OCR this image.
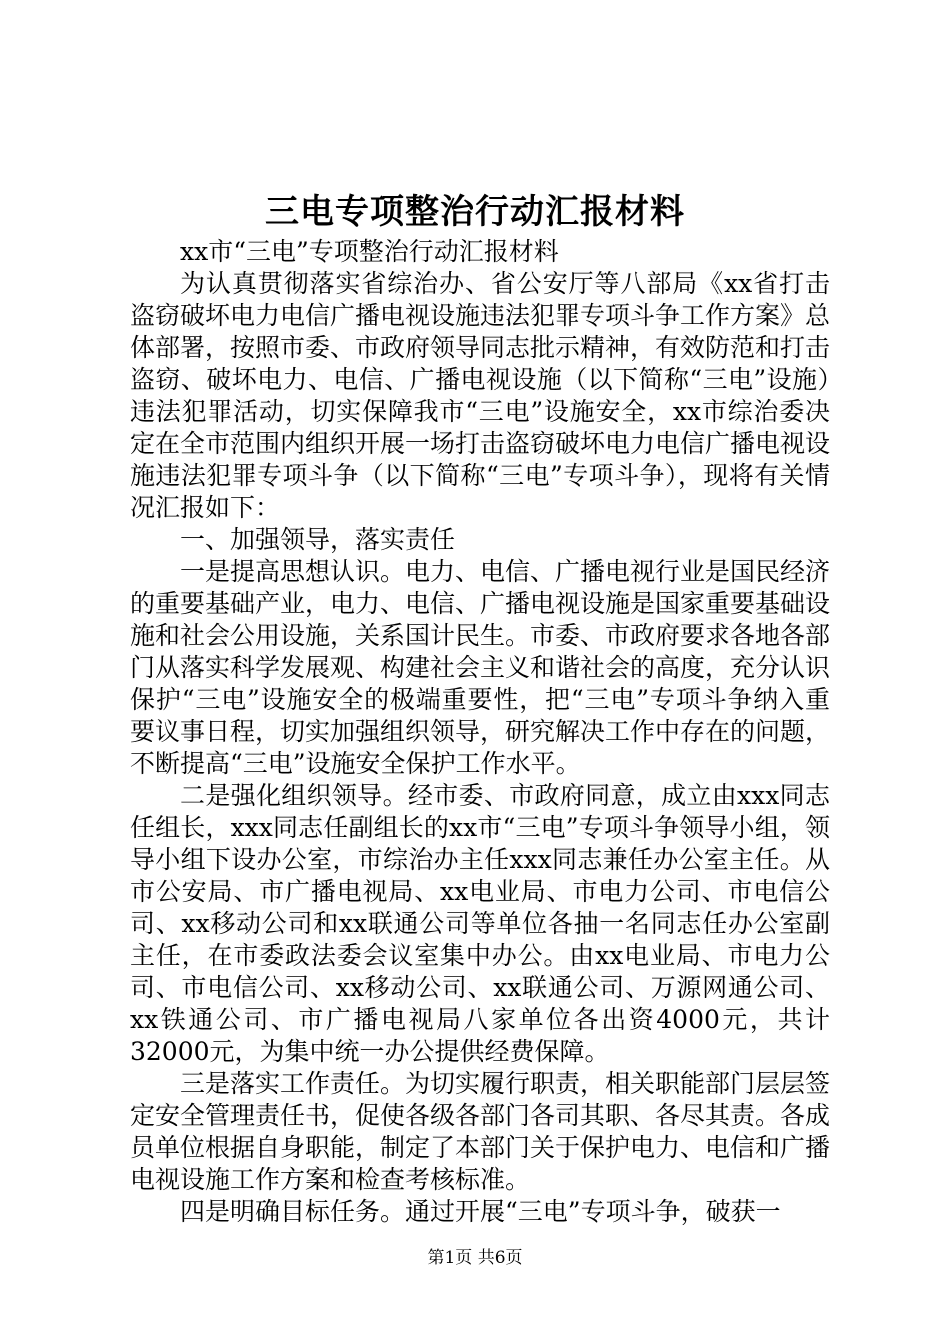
三电专项整治行动汇报材料

xx市“三电”专项整治行动汇报材料

为认真贯彻落实省综治办、省公安厅等八部局《xx省打击盗窃破坏电力电信广播电视设施违法犯罪专项斗争工作方案》总体部署，按照市委、市政府领导同志批示精神，有效防范和打击盗窃、破坏电力、电信、广播电视设施（以下简称“三电”设施）违法犯罪活动，切实保障我市“三电”设施安全，xx市综治委决定在全市范围内组织开展一场打击盗窃破坏电力电信广播电视设施违法犯罪专项斗争（以下简称“三电”专项斗争），现将有关情况汇报如下：

一、加强领导，落实责任

一是提高思想认识。电力、电信、广播电视行业是国民经济的重要基础产业，电力、电信、广播电视设施是国家重要基础设施和社会公用设施，关系国计民生。市委、市政府要求各地各部门从落实科学发展观、构建社会主义和谐社会的高度，充分认识保护“三电”设施安全的极端重要性，把“三电”专项斗争纳入重要议事日程，切实加强组织领导，研究解决工作中存在的问题，不断提高“三电”设施安全保护工作水平。

二是强化组织领导。经市委、市政府同意，成立由xxx同志任组长，xxx同志任副组长的xx市“三电”专项斗争领导小组，领导小组下设办公室，市综治办主任xxx同志兼任办公室主任。从市公安局、市广播电视局、xx电业局、市电力公司、市电信公司、xx移动公司和xx联通公司等单位各抽一名同志任办公室副主任，在市委政法委会议室集中办公。由xx电业局、市电力公司、市电信公司、xx移动公司、xx联通公司、万源网通公司、xx铁通公司、市广播电视局八家单位各出资4000元，共计32000元，为集中统一办公提供经费保障。

三是落实工作责任。为切实履行职责，相关职能部门层层签定安全管理责任书，促使各级各部门各司其职、各尽其责。各成员单位根据自身职能，制定了本部门关于保护电力、电信和广播电视设施工作方案和检查考核标准。

四是明确目标任务。通过开展“三电”专项斗争，破获一

第1页 共6页
